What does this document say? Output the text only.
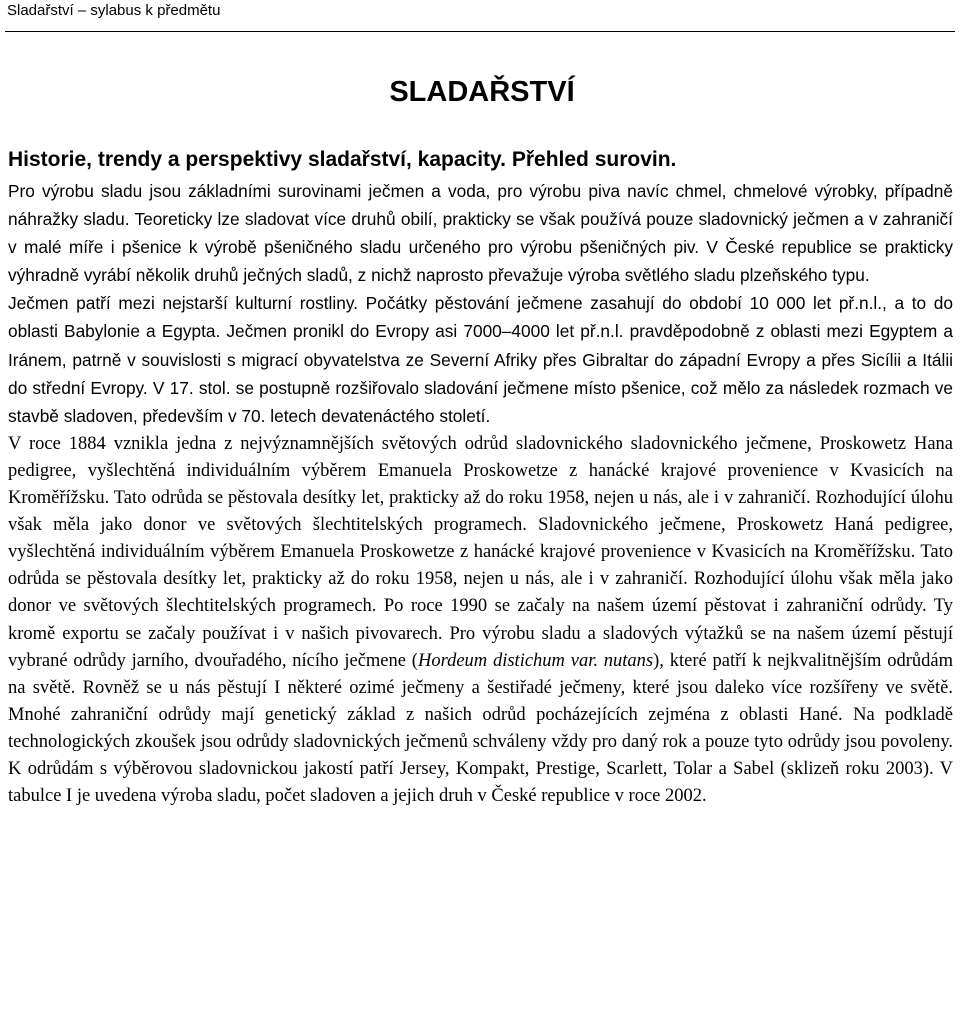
Sladařství – sylabus k předmětu
SLADAŘSTVÍ
Historie, trendy a perspektivy sladařství, kapacity. Přehled surovin.

Pro výrobu sladu jsou základními surovinami ječmen a voda, pro výrobu piva navíc chmel, chmelové výrobky, případně náhražky sladu. Teoreticky lze sladovat více druhů obilí, prakticky se však používá pouze sladovnický ječmen a v zahraničí v malé míře i pšenice k výrobě pšeničného sladu určeného pro výrobu pšeničných piv. V České republice se prakticky výhradně vyrábí několik druhů ječných sladů, z nichž naprosto převažuje výroba světlého sladu plzeňského typu.

Ječmen patří mezi nejstarší kulturní rostliny. Počátky pěstování ječmene zasahují do období 10 000 let př.n.l., a to do oblasti Babylonie a Egypta. Ječmen pronikl do Evropy asi 7000–4000 let př.n.l. pravděpodobně z oblasti mezi Egyptem a Iránem, patrně v souvislosti s migrací obyvatelstva ze Severní Afriky přes Gibraltar do západní Evropy a přes Sicílii a Itálii do střední Evropy. V 17. stol. se postupně rozšiřovalo sladování ječmene místo pšenice, což mělo za následek rozmach ve stavbě sladoven, především v 70. letech devatenáctého století.

V roce 1884 vznikla jedna z nejvýznamnějších světových odrůd sladovnického sladovnického ječmene, Proskowetz Hana pedigree, vyšlechtěná individuálním výběrem Emanuela Proskowetze z hanácké krajové provenience v Kvasicích na Kroměřížsku. Tato odrůda se pěstovala desítky let, prakticky až do roku 1958, nejen u nás, ale i v zahraničí. Rozhodující úlohu však měla jako donor ve světových šlechtitelských programech. Sladovnického ječmene, Proskowetz Haná pedigree, vyšlechtěná individuálním výběrem Emanuela Proskowetze z hanácké krajové provenience v Kvasicích na Kroměřížsku. Tato odrůda se pěstovala desítky let, prakticky až do roku 1958, nejen u nás, ale i v zahraničí. Rozhodující úlohu však měla jako donor ve světových šlechtitelských programech. Po roce 1990 se začaly na našem území pěstovat i zahraniční odrůdy. Ty kromě exportu se začaly používat i v našich pivovarech. Pro výrobu sladu a sladových výtažků se na našem území pěstují vybrané odrůdy jarního, dvouřadého, nícího ječmene (Hordeum distichum var. nutans), které patří k nejkvalitnějším odrůdám na světě. Rovněž se u nás pěstují I některé ozimé ječmeny a šestiřadé ječmeny, které jsou daleko více rozšířeny ve světě. Mnohé zahraniční odrůdy mají genetický základ z našich odrůd pocházejících zejména z oblasti Hané. Na podkladě technologických zkoušek jsou odrůdy sladovnických ječmenů schváleny vždy pro daný rok a pouze tyto odrůdy jsou povoleny. K odrůdám s výběrovou sladovnickou jakostí patří Jersey, Kompakt, Prestige, Scarlett, Tolar a Sabel (sklizeň roku 2003). V tabulce I je uvedena výroba sladu, počet sladoven a jejich druh v České republice v roce 2002.
